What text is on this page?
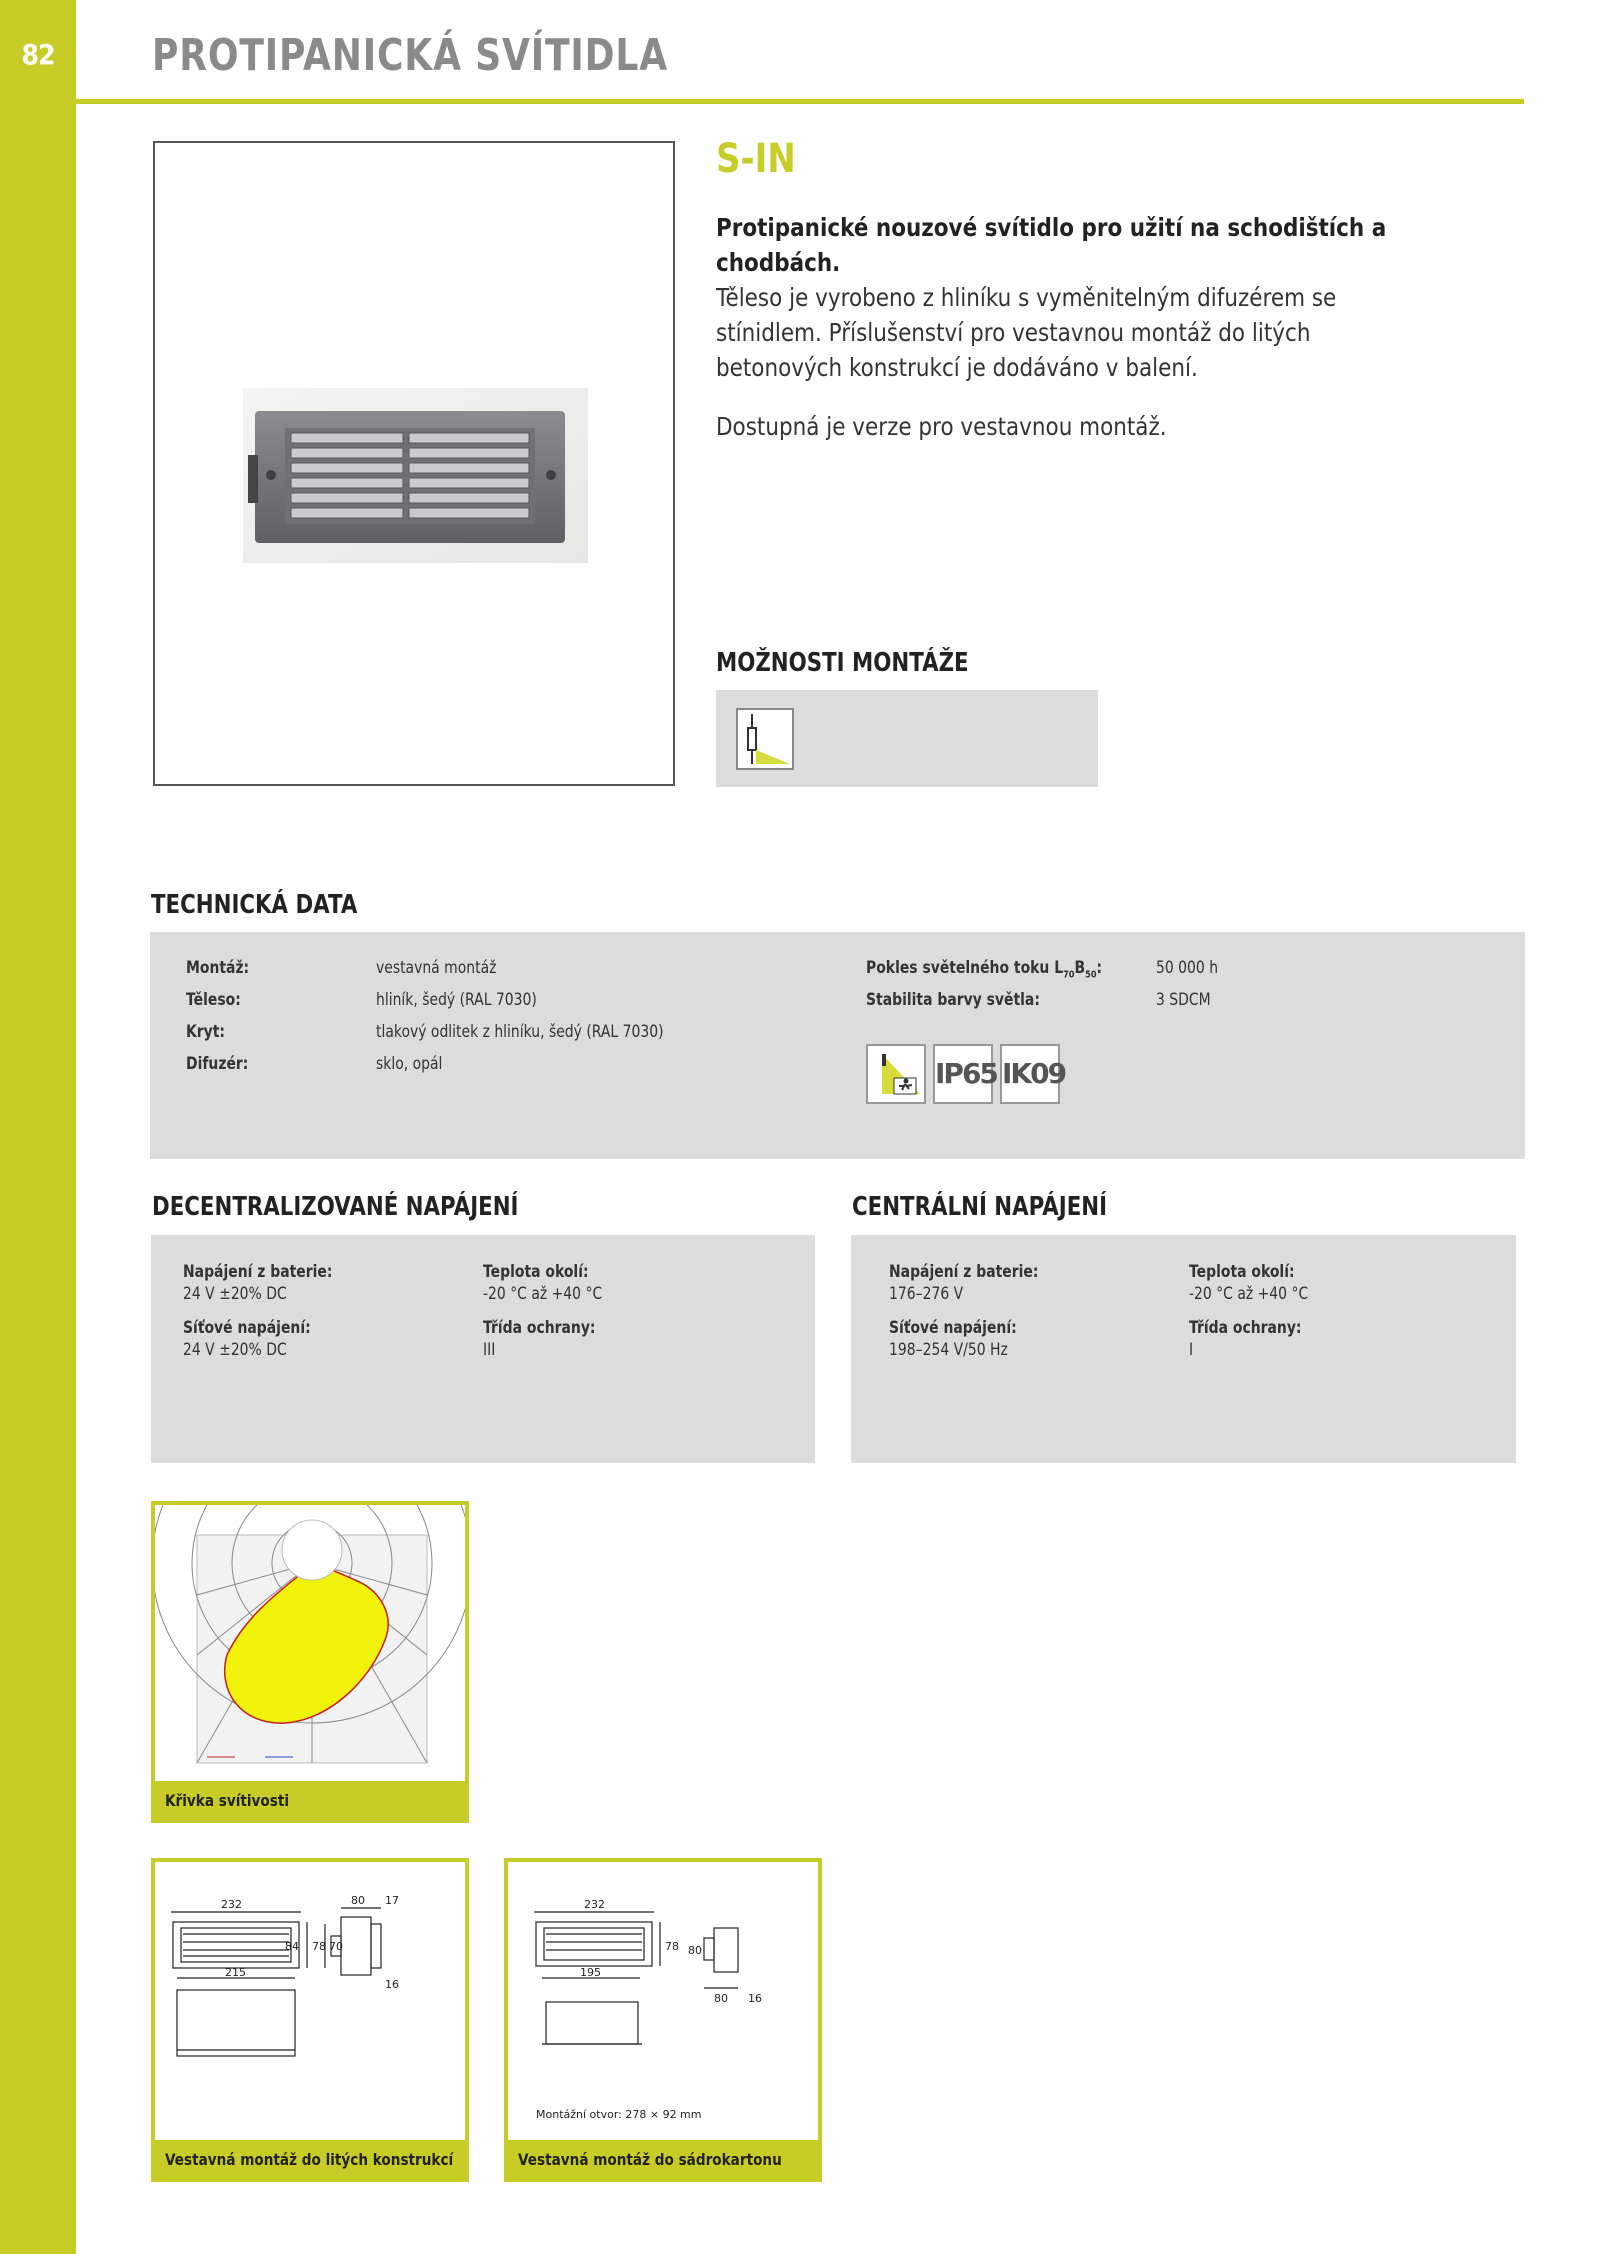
82	PROTIPANICKÁ SVÍTIDLA
S-IN

Protipanické nouzové svítidlo pro užití na schodištích a chodbách.
Těleso je vyrobeno z hliníku s vyměnitelným difuzérem se stínidlem. Příslušenství pro vestavnou montáž do litých betonových konstrukcí je dodáváno v balení.

Dostupná je verze pro vestavnou montáž.

MOŽNOSTI MONTÁŽE
TECHNICKÁ DATA
Montáž:	vestavná montáž
Těleso:	hliník, šedý (RAL 7030)
Kryt:	tlakový odlitek z hliníku, šedý (RAL 7030)
Difuzér:	sklo, opál
Pokles světelného toku $L_{70}B_{50}$:	50 000 h
Stabilita barvy světla:	3 SDCM
IP65 IK09
DECENTRALIZOVANÉ NAPÁJENÍ
Napájení z baterie:
24 V ±20% DC
Síťové napájení:
24 V ±20% DC
Teplota okolí:
-20 °C až +40 °C
Třída ochrany:
III
CENTRÁLNÍ NAPÁJENÍ
Napájení z baterie:
176–276 V
Síťové napájení:
198–254 V/50 Hz
Teplota okolí:
-20 °C až +40 °C
Třída ochrany:
I
Křivka svítivosti
232
78
215
80 17
84	70
16
Vestavná montáž do litých konstrukcí
232
78 80
195
80 16
Montážní otvor: 278 × 92 mm
Vestavná montáž do sádrokartonu
